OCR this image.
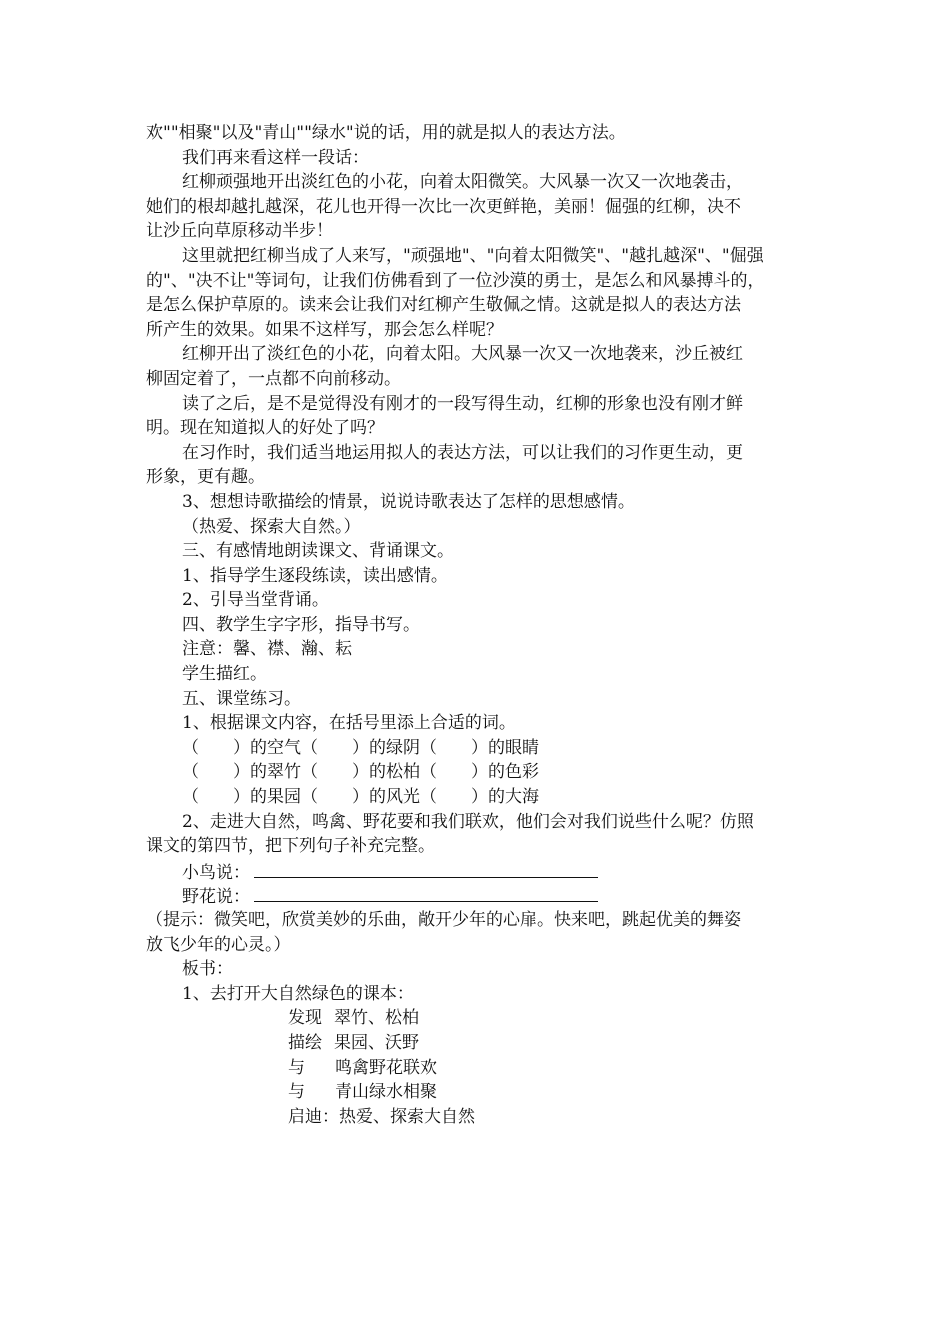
欢""相聚"以及"青山""绿水"说的话，用的就是拟人的表达方法。
我们再来看这样一段话：
红柳顽强地开出淡红色的小花，向着太阳微笑。大风暴一次又一次地袭击，
她们的根却越扎越深，花儿也开得一次比一次更鲜艳，美丽！倔强的红柳，决不
让沙丘向草原移动半步！
这里就把红柳当成了人来写，"顽强地"、"向着太阳微笑"、"越扎越深"、"倔强
的"、"决不让"等词句，让我们仿佛看到了一位沙漠的勇士，是怎么和风暴搏斗的，
是怎么保护草原的。读来会让我们对红柳产生敬佩之情。这就是拟人的表达方法
所产生的效果。如果不这样写，那会怎么样呢？
红柳开出了淡红色的小花，向着太阳。大风暴一次又一次地袭来，沙丘被红
柳固定着了，一点都不向前移动。
读了之后，是不是觉得没有刚才的一段写得生动，红柳的形象也没有刚才鲜
明。现在知道拟人的好处了吗？
在习作时，我们适当地运用拟人的表达方法，可以让我们的习作更生动，更
形象，更有趣。
3、想想诗歌描绘的情景，说说诗歌表达了怎样的思想感情。
（热爱、探索大自然。）
三、有感情地朗读课文、背诵课文。
1、指导学生逐段练读，读出感情。
2、引导当堂背诵。
四、教学生字字形，指导书写。
注意：馨、襟、瀚、耘
学生描红。
五、课堂练习。
1、根据课文内容，在括号里添上合适的词。
（　　）的空气（　　）的绿阴（　　）的眼睛
（　　）的翠竹（　　）的松柏（　　）的色彩
（　　）的果园（　　）的风光（　　）的大海
2、走进大自然，鸣禽、野花要和我们联欢，他们会对我们说些什么呢？仿照
课文的第四节，把下列句子补充完整。
小鸟说：
野花说：
（提示：微笑吧，欣赏美妙的乐曲，敞开少年的心扉。快来吧，跳起优美的舞姿
放飞少年的心灵。）
板书：
1、去打开大自然绿色的课本：
发现 翠竹、松柏
描绘 果园、沃野
与 鸣禽野花联欢
与 青山绿水相聚
启迪：热爱、探索大自然
